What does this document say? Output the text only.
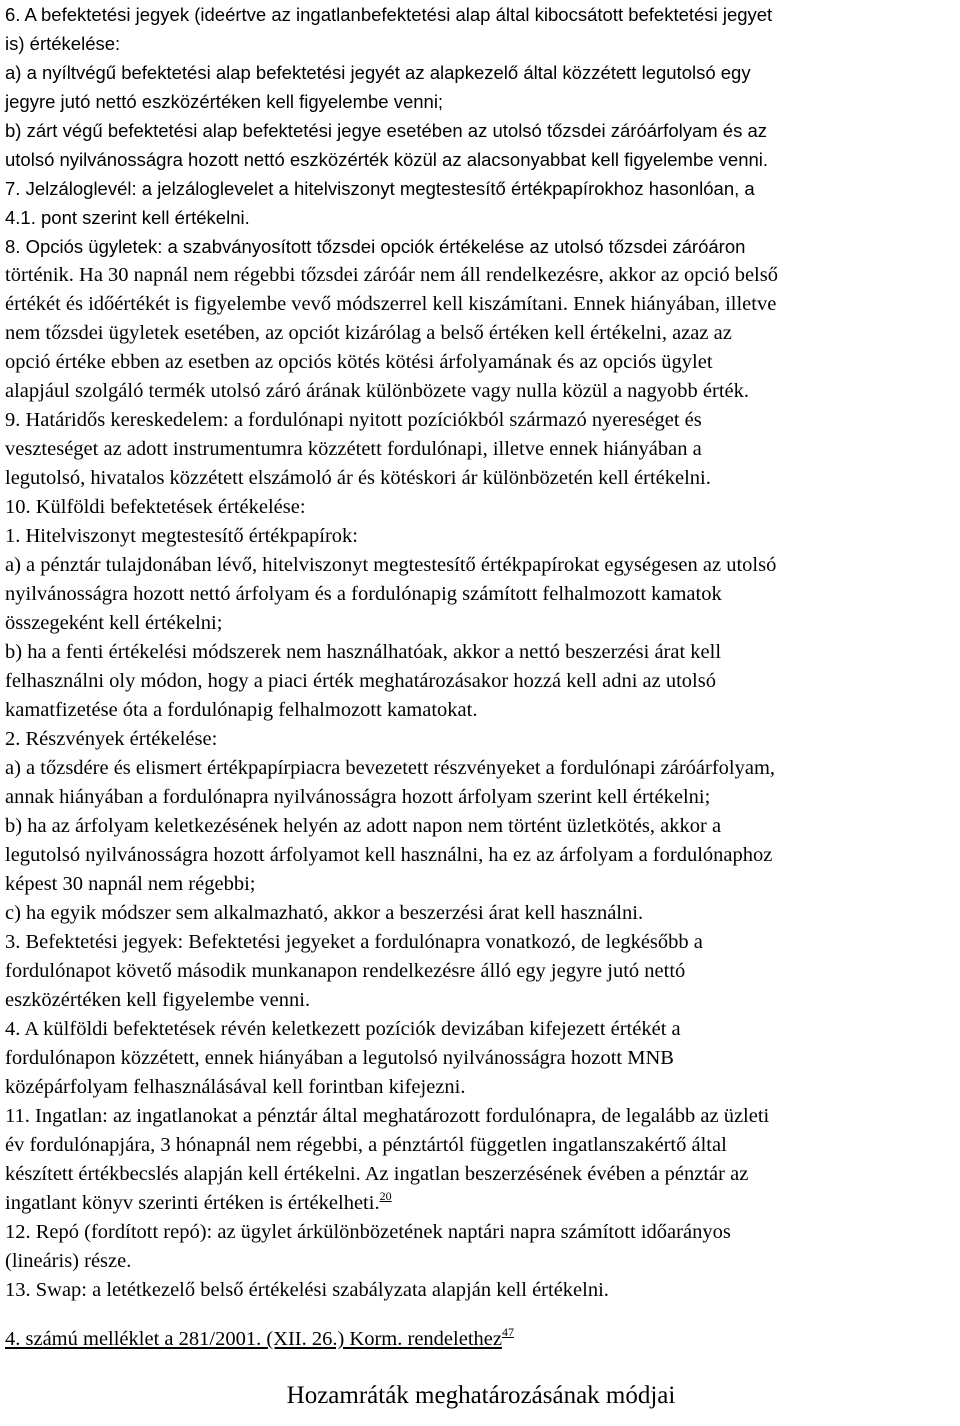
6. A befektetési jegyek (ideértve az ingatlanbefektetési alap által kibocsátott befektetési jegyet
is) értékelése:
a) a nyíltvégű befektetési alap befektetési jegyét az alapkezelő által közzétett legutolsó egy
jegyre jutó nettó eszközértéken kell figyelembe venni;
b) zárt végű befektetési alap befektetési jegye esetében az utolsó tőzsdei záróárfolyam és az
utolsó nyilvánosságra hozott nettó eszközérték közül az alacsonyabbat kell figyelembe venni.
7. Jelzáloglevél: a jelzáloglevelet a hitelviszonyt megtestesítő értékpapírokhoz hasonlóan, a
4.1. pont szerint kell értékelni.
8. Opciós ügyletek: a szabványosított tőzsdei opciók értékelése az utolsó tőzsdei záróáron
történik. Ha 30 napnál nem régebbi tőzsdei záróár nem áll rendelkezésre, akkor az opció belső
értékét és időértékét is figyelembe vevő módszerrel kell kiszámítani. Ennek hiányában, illetve
nem tőzsdei ügyletek esetében, az opciót kizárólag a belső értéken kell értékelni, azaz az
opció értéke ebben az esetben az opciós kötés kötési árfolyamának és az opciós ügylet
alapjául szolgáló termék utolsó záró árának különbözete vagy nulla közül a nagyobb érték.
9. Határidős kereskedelem: a fordulónapi nyitott pozíciókból származó nyereséget és
veszteséget az adott instrumentumra közzétett fordulónapi, illetve ennek hiányában a
legutolsó, hivatalos közzétett elszámoló ár és kötéskori ár különbözetén kell értékelni.
10. Külföldi befektetések értékelése:
1. Hitelviszonyt megtestesítő értékpapírok:
a) a pénztár tulajdonában lévő, hitelviszonyt megtestesítő értékpapírokat egységesen az utolsó
nyilvánosságra hozott nettó árfolyam és a fordulónapig számított felhalmozott kamatok
összegeként kell értékelni;
b) ha a fenti értékelési módszerek nem használhatóak, akkor a nettó beszerzési árat kell
felhasználni oly módon, hogy a piaci érték meghatározásakor hozzá kell adni az utolsó
kamatfizetése óta a fordulónapig felhalmozott kamatokat.
2. Részvények értékelése:
a) a tőzsdére és elismert értékpapírpiacra bevezetett részvényeket a fordulónapi záróárfolyam,
annak hiányában a fordulónapra nyilvánosságra hozott árfolyam szerint kell értékelni;
b) ha az árfolyam keletkezésének helyén az adott napon nem történt üzletkötés, akkor a
legutolsó nyilvánosságra hozott árfolyamot kell használni, ha ez az árfolyam a fordulónaphoz
képest 30 napnál nem régebbi;
c) ha egyik módszer sem alkalmazható, akkor a beszerzési árat kell használni.
3. Befektetési jegyek: Befektetési jegyeket a fordulónapra vonatkozó, de legkésőbb a
fordulónapot követő második munkanapon rendelkezésre álló egy jegyre jutó nettó
eszközértéken kell figyelembe venni.
4. A külföldi befektetések révén keletkezett pozíciók devizában kifejezett értékét a
fordulónapon közzétett, ennek hiányában a legutolsó nyilvánosságra hozott MNB
középárfolyam felhasználásával kell forintban kifejezni.
11. Ingatlan: az ingatlanokat a pénztár által meghatározott fordulónapra, de legalább az üzleti
év fordulónapjára, 3 hónapnál nem régebbi, a pénztártól független ingatlanszakértő által
készített értékbecslés alapján kell értékelni. Az ingatlan beszerzésének évében a pénztár az
ingatlant könyv szerinti értéken is értékelheti.$^{20}$
12. Repó (fordított repó): az ügylet árkülönbözetének naptári napra számított időarányos
(lineáris) része.
13. Swap: a letétkezelő belső értékelési szabályzata alapján kell értékelni.
4. számú melléklet a 281/2001. (XII. 26.) Korm. rendelethez$^{47}$
Hozamráták meghatározásának módjai
